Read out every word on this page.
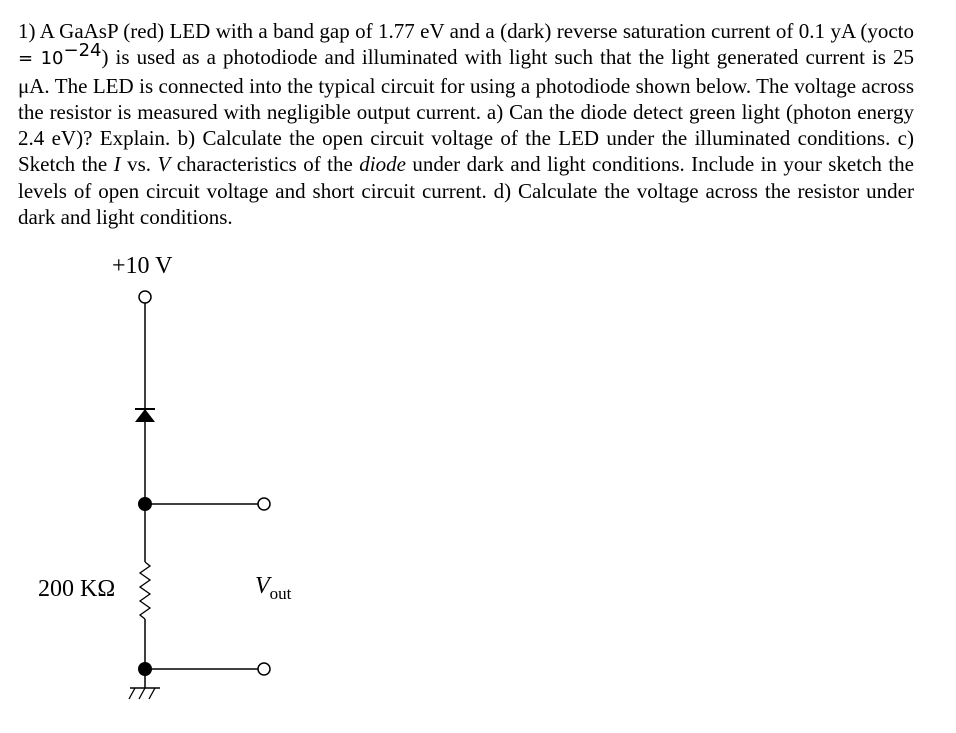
1) A GaAsP (red) LED with a band gap of 1.77 eV and a (dark) reverse saturation current of 0.1 yA (yocto = $10^{-24}$) is used as a photodiode and illuminated with light such that the light generated current is 25 μA. The LED is connected into the typical circuit for using a photodiode shown below. The voltage across the resistor is measured with negligible output current. a) Can the diode detect green light (photon energy 2.4 eV)? Explain. b) Calculate the open circuit voltage of the LED under the illuminated conditions. c) Sketch the I vs. V characteristics of the diode under dark and light conditions. Include in your sketch the levels of open circuit voltage and short circuit current. d) Calculate the voltage across the resistor under dark and light conditions.

+10 V
200 KΩ	$V_{out}$
